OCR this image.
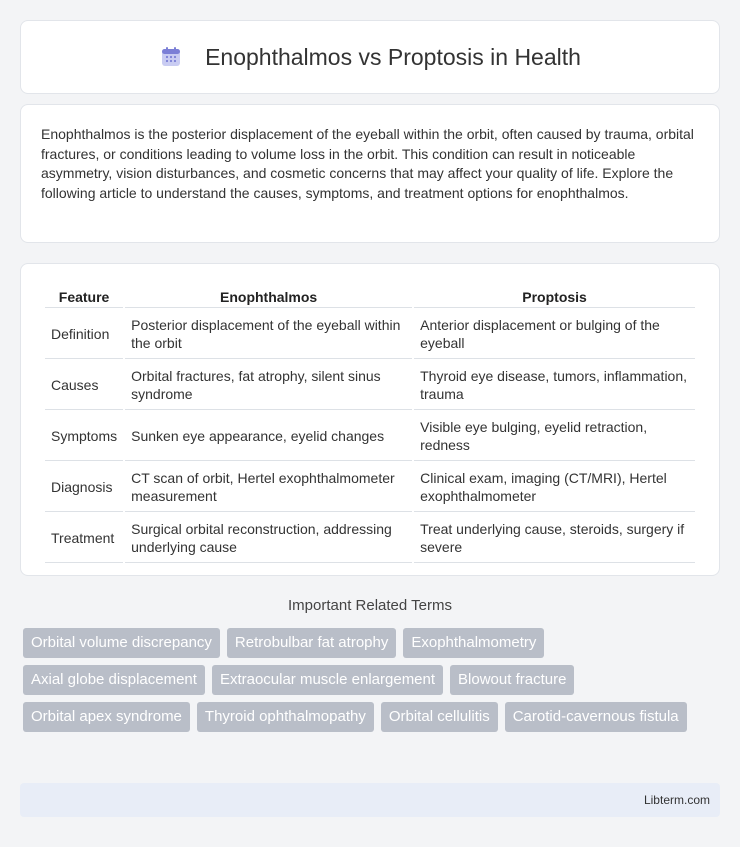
Enophthalmos vs Proptosis in Health

Enophthalmos is the posterior displacement of the eyeball within the orbit, often caused by trauma, orbital fractures, or conditions leading to volume loss in the orbit. This condition can result in noticeable asymmetry, vision disturbances, and cosmetic concerns that may affect your quality of life. Explore the following article to understand the causes, symptoms, and treatment options for enophthalmos.

Feature	Enophthalmos	Proptosis
Definition	Posterior displacement of the eyeball within the orbit	Anterior displacement or bulging of the eyeball
Causes	Orbital fractures, fat atrophy, silent sinus syndrome	Thyroid eye disease, tumors, inflammation, trauma
Symptoms	Sunken eye appearance, eyelid changes	Visible eye bulging, eyelid retraction, redness
Diagnosis	CT scan of orbit, Hertel exophthalmometer measurement	Clinical exam, imaging (CT/MRI), Hertel exophthalmometer
Treatment	Surgical orbital reconstruction, addressing underlying cause	Treat underlying cause, steroids, surgery if severe
Important Related Terms
Orbital volume discrepancy	Retrobulbar fat atrophy	Exophthalmometry
Axial globe displacement	Extraocular muscle enlargement	Blowout fracture
Orbital apex syndrome	Thyroid ophthalmopathy	Orbital cellulitis	Carotid-cavernous fistula
Libterm.com
